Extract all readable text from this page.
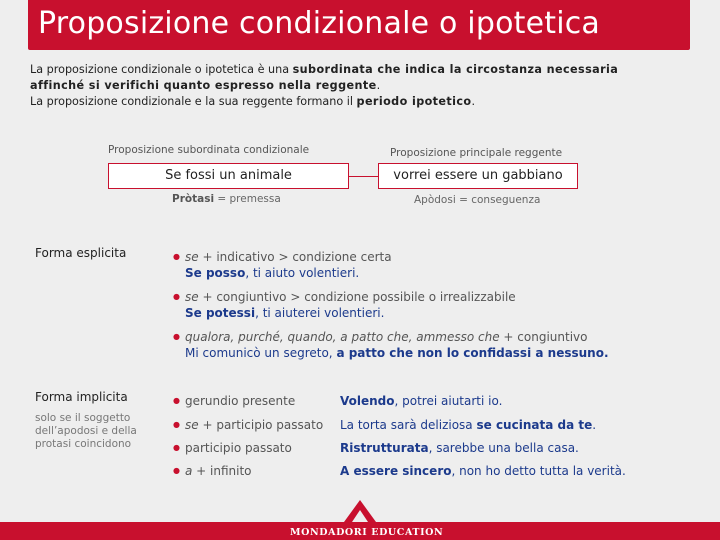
Proposizione condizionale o ipotetica
La proposizione condizionale o ipotetica è una subordinata che indica la circostanza necessaria
affinché si verifichi quanto espresso nella reggente.
La proposizione condizionale e la sua reggente formano il periodo ipotetico.
Proposizione subordinata condizionale	Proposizione principale reggente
Se fossi un animale	vorrei essere un gabbiano
Pròtasi = premessa	Apòdosi = conseguenza
Forma esplicita
●	se + indicativo > condizione certa
Se posso, ti aiuto volentieri.
● se + congiuntivo > condizione possibile o irrealizzabile
Se potessi, ti aiuterei volentieri.
● qualora, purché, quando, a patto che, ammesso che + congiuntivo
Mi comunicò un segreto, a patto che non lo confidassi a nessuno.
Forma implicita
solo se il soggetto dell’apodosi e della protasi coincidono
● gerundio presente	Volendo, potrei aiutarti io.
● se + participio passato La torta sarà deliziosa se cucinata da te.
● participio passato	Ristrutturata, sarebbe una bella casa.
● a + infinito	A essere sincero, non ho detto tutta la verità.
MONDADORI EDUCATION
